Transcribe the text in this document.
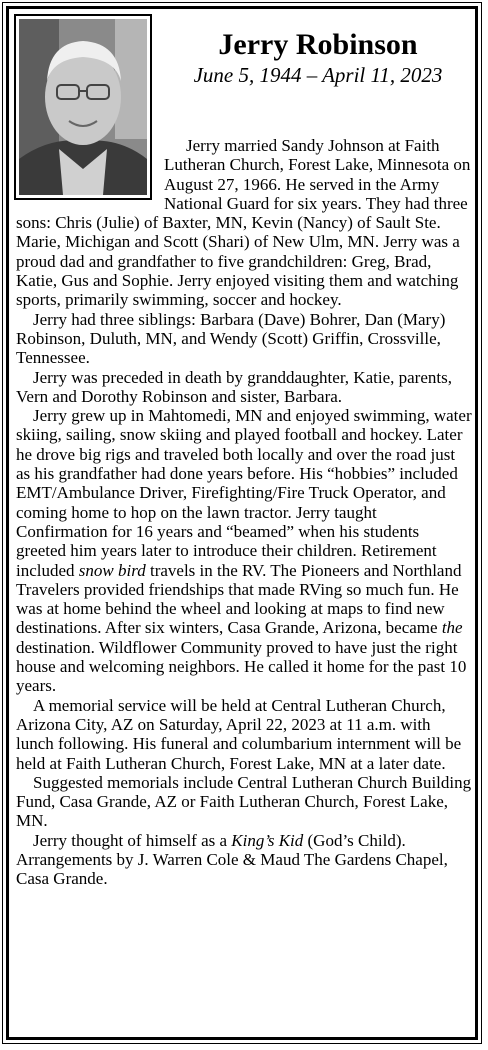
Jerry Robinson
June 5, 1944 – April 11, 2023

Jerry married Sandy Johnson at Faith Lutheran Church, Forest Lake, Minnesota on August 27, 1966. He served in the Army National Guard for six years. They had three sons: Chris (Julie) of Baxter, MN, Kevin (Nancy) of Sault Ste. Marie, Michigan and Scott (Shari) of New Ulm, MN. Jerry was a proud dad and grandfather to five grandchildren: Greg, Brad, Katie, Gus and Sophie. Jerry enjoyed visiting them and watching sports, primarily swimming, soccer and hockey.

Jerry had three siblings: Barbara (Dave) Bohrer, Dan (Mary) Robinson, Duluth, MN, and Wendy (Scott) Griffin, Crossville, Tennessee.

Jerry was preceded in death by granddaughter, Katie, parents, Vern and Dorothy Robinson and sister, Barbara.

Jerry grew up in Mahtomedi, MN and enjoyed swimming, water skiing, sailing, snow skiing and played football and hockey. Later he drove big rigs and traveled both locally and over the road just as his grandfather had done years before. His “hobbies” included EMT/Ambulance Driver, Firefighting/Fire Truck Operator, and coming home to hop on the lawn tractor. Jerry taught Confirmation for 16 years and “beamed” when his students greeted him years later to introduce their children. Retirement included snow bird travels in the RV. The Pioneers and Northland Travelers provided friendships that made RVing so much fun. He was at home behind the wheel and looking at maps to find new destinations. After six winters, Casa Grande, Arizona, became the destination. Wildflower Community proved to have just the right house and welcoming neighbors. He called it home for the past 10 years.

A memorial service will be held at Central Lutheran Church, Arizona City, AZ on Saturday, April 22, 2023 at 11 a.m. with lunch following. His funeral and columbarium internment will be held at Faith Lutheran Church, Forest Lake, MN at a later date.

Suggested memorials include Central Lutheran Church Building Fund, Casa Grande, AZ or Faith Lutheran Church, Forest Lake, MN.

Jerry thought of himself as a King’s Kid (God’s Child). Arrangements by J. Warren Cole & Maud The Gardens Chapel, Casa Grande.
